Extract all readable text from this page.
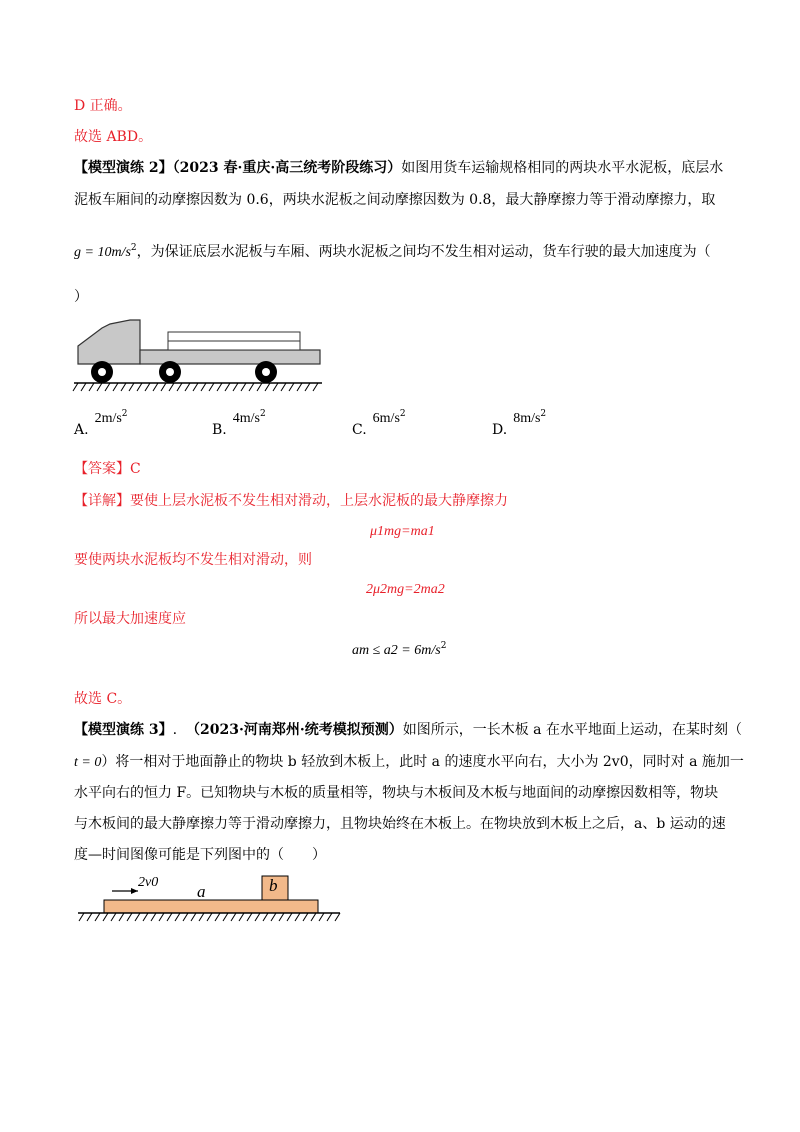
D 正确。
故选 ABD。
【模型演练 2】（2023 春·重庆·高三统考阶段练习）如图用货车运输规格相同的两块水平水泥板，底层水
泥板车厢间的动摩擦因数为 0.6，两块水泥板之间动摩擦因数为 0.8，最大静摩擦力等于滑动摩擦力，取
$g = 10m/s^2$，为保证底层水泥板与车厢、两块水泥板之间均不发生相对运动，货车行驶的最大加速度为（
）
$A.2m/s^2$
$B.4m/s^2$
$C.6m/s^2$
$D.8m/s^2$
【答案】C
【详解】要使上层水泥板不发生相对滑动，上层水泥板的最大静摩擦力
μ1mg=ma1
要使两块水泥板均不发生相对滑动，则
2μ2mg=2ma2
所以最大加速度应
am ≤ $a2 = 6m/s^2$
故选 C。
【模型演练 3】. （2023·河南郑州·统考模拟预测）如图所示，一长木板 a 在水平地面上运动，在某时刻（
t = 0）将一相对于地面静止的物块 b 轻放到木板上，此时 a 的速度水平向右，大小为 2v0，同时对 a 施加一
水平向右的恒力 F。已知物块与木板的质量相等，物块与木板间及木板与地面间的动摩擦因数相等，物块
与木板间的最大静摩擦力等于滑动摩擦力，且物块始终在木板上。在物块放到木板上之后，a、b 运动的速
度—时间图像可能是下列图中的（　　）
2v0 a	b
